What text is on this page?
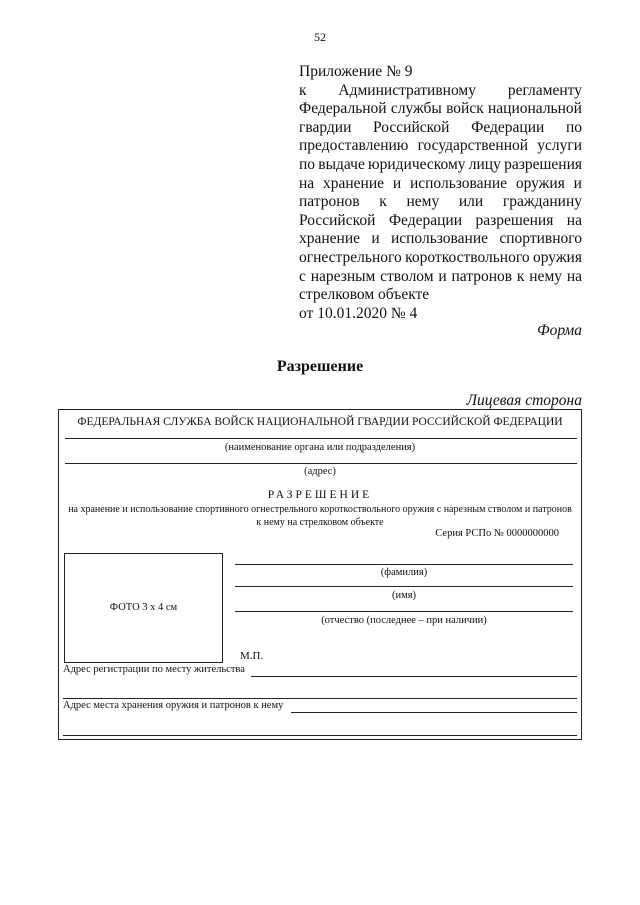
52
Приложение № 9
к Административному регламенту
Федеральной службы войск национальной
гвардии Российской Федерации по
предоставлению государственной услуги
по выдаче юридическому лицу разрешения
на хранение и использование оружия и
патронов к нему или гражданину
Российской Федерации разрешения на
хранение и использование спортивного
огнестрельного короткоствольного оружия
с нарезным стволом и патронов к нему на
стрелковом объекте
от 10.01.2020 № 4
Форма
Разрешение
Лицевая сторона
ФЕДЕРАЛЬНАЯ СЛУЖБА ВОЙСК НАЦИОНАЛЬНОЙ ГВАРДИИ РОССИЙСКОЙ ФЕДЕРАЦИИ
(наименование органа или подразделения)
(адрес)
РАЗРЕШЕНИЕ
на хранение и использование спортивного огнестрельного короткоствольного оружия с нарезным стволом и патронов к нему на стрелковом объекте
Серия РСПо № 0000000000
ФОТО 3 х 4 см
(фамилия)
(имя)
(отчество (последнее – при наличии)
М.П.
Адрес регистрации по месту жительства
Адрес места хранения оружия и патронов к нему
